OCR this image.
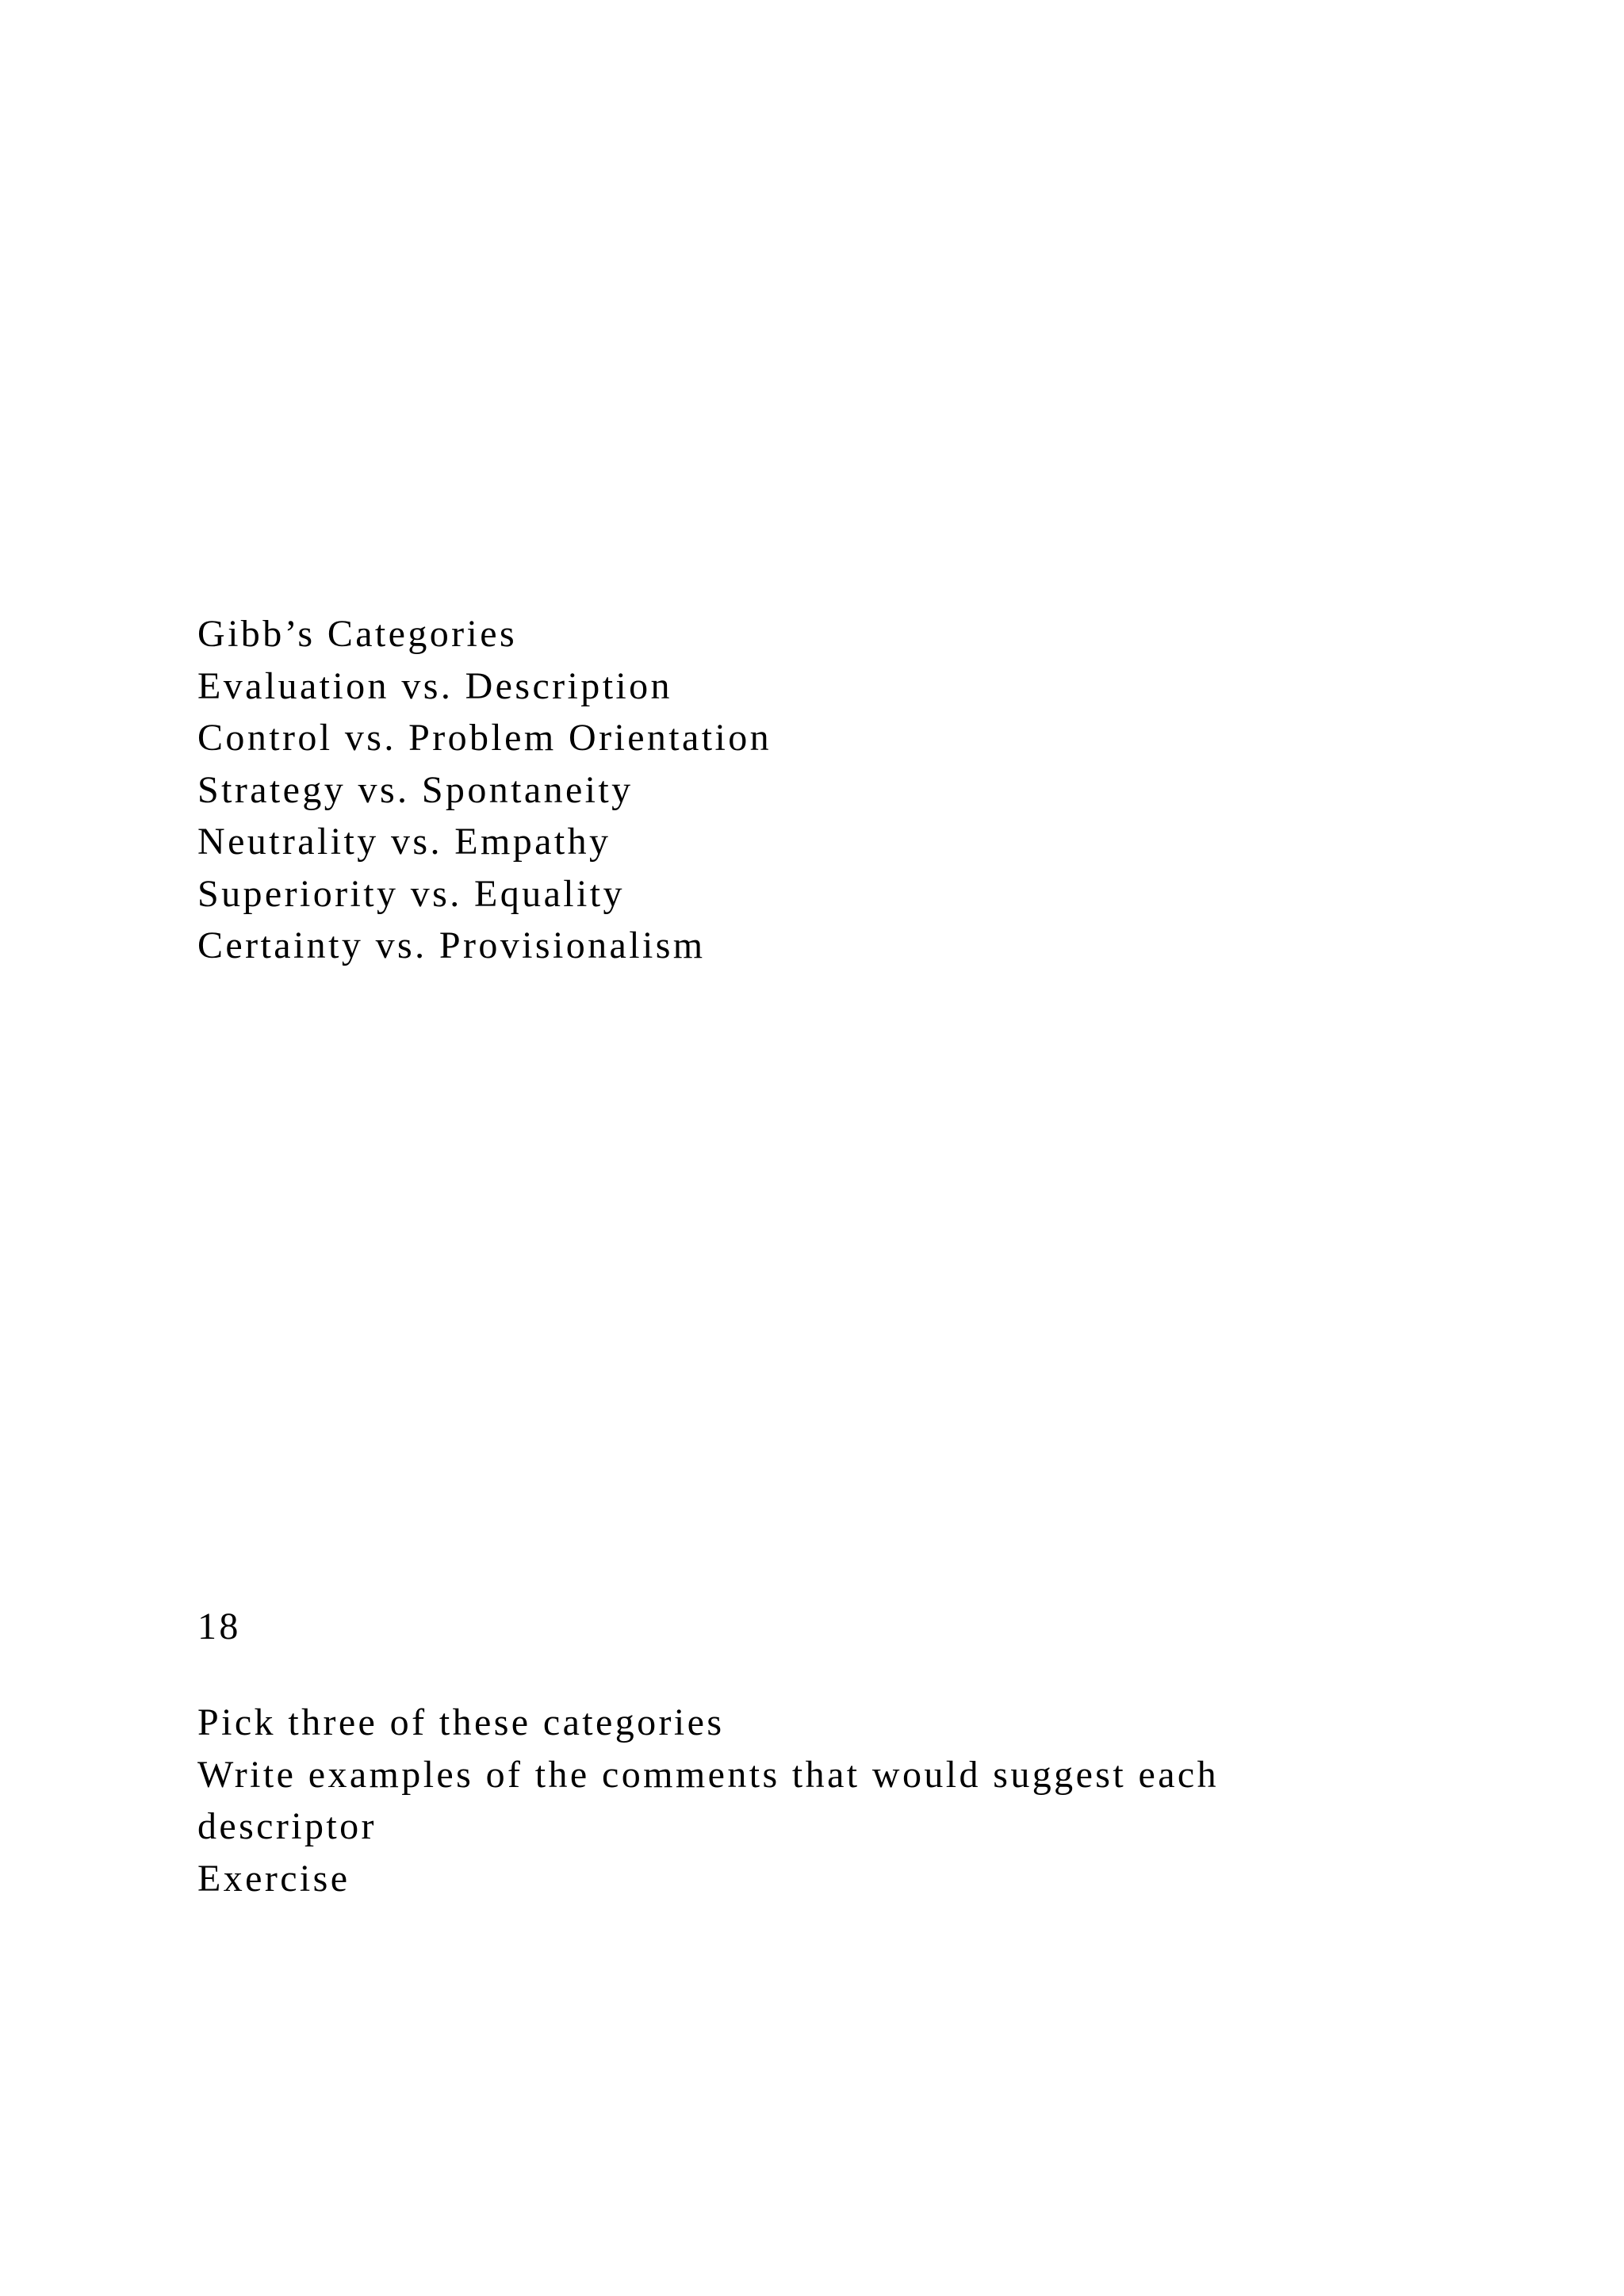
Gibb’s Categories
Evaluation vs. Description
Control vs. Problem Orientation
Strategy vs. Spontaneity
Neutrality vs. Empathy
Superiority vs. Equality
Certainty vs. Provisionalism
18
Pick three of these categories
Write examples of the comments that would suggest each
descriptor
Exercise
